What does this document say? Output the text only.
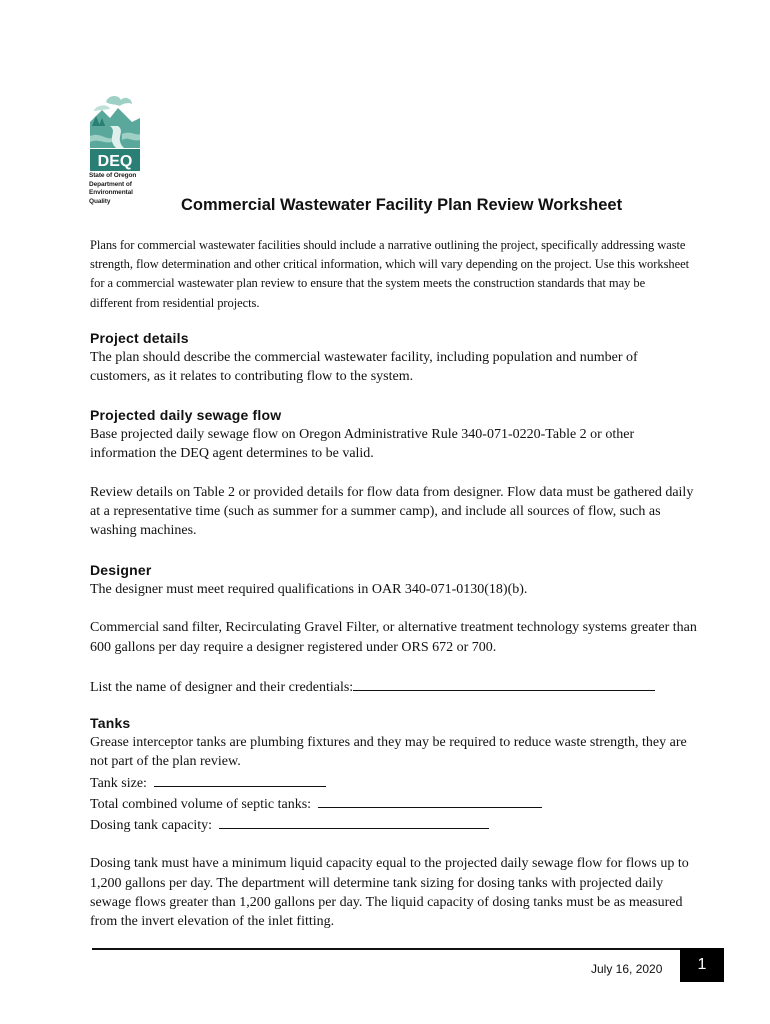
DEQ
State of Oregon
Department of
Environmental
Quality	Commercial Wastewater Facility Plan Review Worksheet
Plans for commercial wastewater facilities should include a narrative outlining the project, specifically addressing waste strength, flow determination and other critical information, which will vary depending on the project. Use this worksheet for a commercial wastewater plan review to ensure that the system meets the construction standards that may be different from residential projects.
Project details

The plan should describe the commercial wastewater facility, including population and number of customers, as it relates to contributing flow to the system.

Projected daily sewage flow

Base projected daily sewage flow on Oregon Administrative Rule 340-071-0220-Table 2 or other information the DEQ agent determines to be valid.

Review details on Table 2 or provided details for flow data from designer. Flow data must be gathered daily at a representative time (such as summer for a summer camp), and include all sources of flow, such as washing machines.

Designer

The designer must meet required qualifications in OAR 340-071-0130(18)(b).

Commercial sand filter, Recirculating Gravel Filter, or alternative treatment technology systems greater than 600 gallons per day require a designer registered under ORS 672 or 700.

List the name of designer and their credentials:

Tanks

Grease interceptor tanks are plumbing fixtures and they may be required to reduce waste strength, they are not part of the plan review.

Tank size:

Total combined volume of septic tanks:

Dosing tank capacity:

Dosing tank must have a minimum liquid capacity equal to the projected daily sewage flow for flows up to 1,200 gallons per day. The department will determine tank sizing for dosing tanks with projected daily sewage flows greater than 1,200 gallons per day. The liquid capacity of dosing tanks must be as measured from the invert elevation of the inlet fitting.

July 16, 2020 1
